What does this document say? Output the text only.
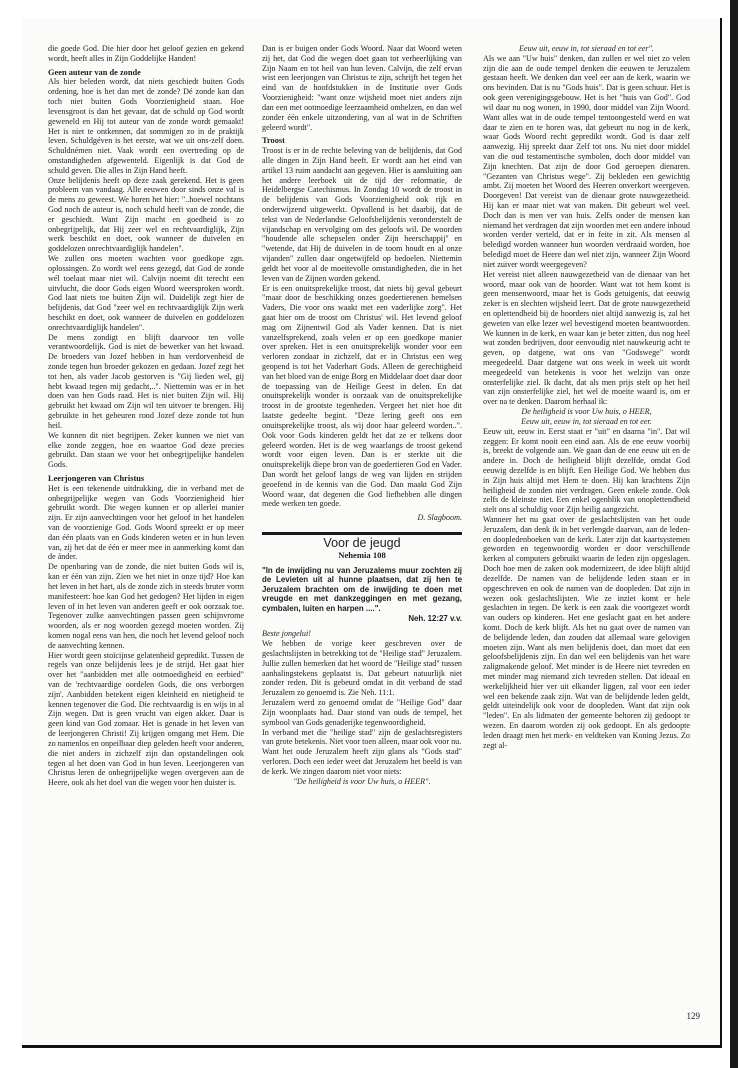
die goede God. Die hier door het geloof gezien en gekend wordt, heeft alles in Zijn Goddelijke Handen!

Geen auteur van de zonde

Als hier beleden wordt, dat niets geschiedt buiten Gods ordening, hoe is het dan met de zonde? Dé zonde kan dan toch niet buiten Gods Voorzienigheid staan. Hoe levensgroot is dan het gevaar, dat de schuld op God wordt geweneld en Hij tot auteur van de zonde wordt gemaakt! Het is niet te ontkennen, dat sommigen zo in de praktijk leven. Schuldgéven is het eerste, wat we uit ons-zelf doen. Schuldnémen niet. Vaak wordt een overtreding op de omstandigheden afgewenteld. Eigenlijk is dat God de schuld geven. Die alles in Zijn Hand heeft.

Onze belijdenis heeft op deze zaak gerekend. Het is geen probleem van vandaag. Alle eeuwen door sinds onze val is de mens zo geweest. We horen het hier: "..hoewel nochtans God noch de auteur is, noch schuld heeft van de zonde, die er geschiedt. Want Zijn macht en goedheid is zo onbegrijpelijk, dat Hij zeer wel en rechtvaardiglijk, Zijn werk beschikt en doet, ook wanneer de duivelen en goddelozen onrechtvaardiglijk handelen".

We zullen ons moeten wachten voor goedkope zgn. oplossingen. Zo wordt wel eens gezegd, dat God de zonde wél toelaat maar niet wil. Calvijn noemt dit terecht een uitvlucht, die door Gods eigen Woord weersproken wordt. God laat niets toe buiten Zijn wil. Duidelijk zegt hier de belijdenis, dat God "zeer wel en rechtvaardiglijk Zijn werk beschikt en doet, ook wanneer de duivelen en goddelozen onrechtvaardiglijk handelen".

De mens zondigt en blijft daarvoor ten volle verantwoordelijk. God is niet de bewerker van het kwaad. De broeders van Jozef hebben in hun verdorvenheid de zonde tegen hun broeder gekozen en gedaan. Jozef zegt het tot hen, als vader Jacob gestorven is "Gij lieden wel, gij hebt kwaad tegen mij gedacht,..". Niettemin was er in het doen van hen Gods raad. Het is niet buiten Zijn wil. Hij gebruikt het kwaad om Zijn wil ten uitvoer te brengen. Hij gebruikte in het gebeuren rond Jozef deze zonde tot hun heil.

We kunnen dit niet begrijpen. Zeker kunnen we niet van elke zonde zeggen, hoe en waartoe God deze precies gebruikt. Dan staan we voor het onbegrijpelijke handelen Gods.

Leerjongeren van Christus

Het is een tekenende uitdrukking, die in verband met de onbegrijpelijke wegen van Gods Voorzienigheid hier gebruikt wordt. Die wegen kunnen er op allerlei manier zijn. Er zijn aanvechtingen voor het geloof in het handelen van de voorzienige God. Gods Woord spreekt er op meer dan één plaats van en Gods kinderen weten er in hun leven van, zij het dat de één er meer mee in aanmerking komt dan de ánder.

De openbaring van de zonde, die niet buiten Gods wil is, kan er één van zijn. Zien we het niet in onze tijd? Hoe kan het leven in het hart, als de zonde zich in steeds bruter vorm manifesteert: hoe kan God het gedogen? Het lijden in eigen leven of in het leven van anderen geeft er ook oorzaak toe. Tegenover zulke aanvechtingen passen geen schijnvrome woorden, als er nog woorden gezegd moeten worden. Zij komen nogal eens van hen, die noch het levend geloof noch de aanvechting kennen.

Hier wordt geen stoïcijnse gelatenheid gepredikt. Tussen de regels van onze belijdenis lees je de strijd. Het gaat hier over het "aanbidden met alle ootmoedigheid en eerbied" van de 'rechtvaardige oordelen Gods, die ons verborgen zijn'. Aanbidden betekent eigen kleinheid en nietigheid te kennen tegenover die God. Die rechtvaardig is en wijs in al Zijn wegen. Dat is geen vrucht van eigen akker. Daar is geen kind van God zomaar. Het is genade in het leven van de leerjongeren Christi! Zij krijgen omgang met Hem. Die zo namenlos en onpeilbaar diep geleden heeft voor anderen, die niet anders in zichzelf zijn dan opstandelingen ook tegen al het doen van God in hun leven. Leerjongeren van Christus leren de onbegrijpelijke wegen overgeven aan de Heere, ook als het doel van die wegen voor hen duister is.

Dan is er buigen onder Gods Woord. Naar dat Woord weten zij het, dat God die wegen doet gaan tot verheerlijking van Zijn Naam en tot heil van hun leven. Calvijn, die zelf ervan wist een leerjongen van Christus te zijn, schrijft het tegen het eind van de hoofdstukken in de Institutie over Gods Voorzienigheid: "want onze wijsheid moet niet anders zijn dan een met ootmoedige leerzaamheid omhelzen, en dan wel zonder één enkele uitzondering, van al wat in de Schriften geleerd wordt".

Troost

Troost is er in de rechte beleving van de belijdenis, dat God alle dingen in Zijn Hand heeft. Er wordt aan het eind van artikel 13 ruim aandacht aan gegeven. Hier is aansluiting aan het andere leerboek uit de tijd der reformatie, de Heidelbergse Catechismus. In Zondag 10 wordt de troost in de belijdenis van Gods Voorzienigheid ook rijk en onderwijzend uitgewerkt. Opvallend is het daarbij, dat de tekst van de Nederlandse Geloofsbelijdenis veronderstelt de vijandschap en vervolging om des geloofs wil. De woorden "houdende alle schepselen onder Zijn heerschappij" en "wetende, dat Hij de duivelen in de toom houdt en al onze vijanden" zullen daar ongetwijfeld op bedoelen. Niettemin geldt het voor al de moeitevolle omstandigheden, die in het leven van de Zijnen worden gekend.

Er is een onuitsprekelijke troost, dat niets bij geval gebeurt "maar door de beschikking onzes goedertierenen hemelsen Vaders, Die voor ons waakt met een vaderlijke zorg". Het gaat hier om de troost om Christus' wil. Het levend geloof mag om Zijnentwil God als Vader kennen. Dat is niet vanzelfsprekend, zoals velen er op een goedkope manier over spreken. Het is een onuitsprekelijk wonder voor een verloren zondaar in zichzelf, dat er in Christus een weg geopend is tot het Vaderhart Gods. Alleen de gerechtigheid van het bloed van de enige Borg en Middelaar doet daar door de toepassing van de Heilige Geest in delen. En dat onuitsprekelijk wonder is oorzaak van de onuitsprekelijke troost in de grootste tegenheden. Vergeet het niet hoe dit laatste gedeelte begint. "Deze lering geeft ons een onuitsprekelijke troost, als wij door haar geleerd worden..". Ook voor Gods kinderen geldt het dat ze er telkens door geleerd worden. Het is de weg waarlangs de troost gekend wordt voor eigen leven. Dan is er sterkte uit die onuitsprekelijk diepe bron van de goedertieren God en Vader. Dan wordt het geloof langs de weg van lijden en strijden geoefend in de kennis van die God. Dan maakt God Zijn Woord waar, dat degenen die God liefhebben alle dingen mede werken ten goede.

D. Slagboom.

Voor de jeugd

Nehemia 108

"In de inwijding nu van Jeruzalems muur zochten zij de Levieten uit al hunne plaatsen, dat zij hen te Jeruzalem brachten om de inwijding te doen met vreugde en met dankzeggingen en met gezang, cymbalen, luiten en harpen ....".

Neh. 12:27 v.v.

Beste jongelui!

We hebben de vorige keer geschreven over de geslachtslijsten in betrekking tot de "Heilige stad" Jeruzalem. Jullie zullen bemerken dat het woord de "Heilige stad" tussen aanhalingstekens geplaatst is. Dat gebeurt natuurlijk niet zonder reden. Dit is gebeurd omdat in dit verband de stad Jeruzalem zo genoemd is. Zie Neh. 11:1.

Jeruzalem werd zo genoemd omdat de "Heilige God" daar Zijn woonplaats had. Daar stond van ouds de tempel, het symbool van Gods genaderijke tegenwoordigheid.

In verband met die "heilige stad" zijn de geslachtsregisters van grote betekenis. Niet voor toen alleen, maar ook voor nu.

Want het oude Jeruzalem heeft zijn glans als "Gods stad" verloren. Doch een ieder weet dat Jeruzalem het beeld is van de kerk. We zingen daarom niet voor niets:

"De heiligheid is voor Uw huis, o HEER".

Eeuw uit, eeuw in, tot sieraad en tot eer".

Als we aan "Uw huis" denken, dan zullen er wel niet zo velen zijn die aan de oude tempel denken die eeuwen te Jeruzalem gestaan heeft. We denken dan veel eer aan de kerk, waarin we ons bevinden. Dat is nu "Gods huis". Dat is geen schuur. Het is ook geen verenigingsgebouw. Het is het "huis van God". God wil daar nu nog wonen, in 1990, door middel van Zijn Woord. Want alles wat in de oude tempel tentoongesteld werd en wat daar te zien en te horen was, dat gebeurt nu nog in de kerk, waar Gods Woord recht gepredikt wordt. God is daar zelf aanwezig. Hij spreekt daar Zelf tot ons. Nu niet door middel van die oud testamentische symbolen, doch door middel van Zijn knechten. Dat zijn de door God geroepen dienaren. "Gezanten van Christus wege". Zij bekleden een gewichtig ambt. Zij moeten het Woord des Heeren onverkort weergeven. Doorgeven! Dat vereist van de dienaar grote nauwgezetheid. Hij kan er maar niet wat van maken. Dit gebeurt wel veel. Doch dan is men ver van huis. Zelfs onder de mensen kan niemand het verdragen dat zijn woorden met een andere inhoud worden verder verteld, dat er in feite in zit. Als mensen al beledigd worden wanneer hun woorden verdraaid worden, hoe beledigd moet de Heere dan wel niet zijn, wanneer Zijn Woord niet zuiver wordt weergegeven?

Het vereist niet alleen nauwgezetheid van de dienaar van het woord, maar ook van de hoorder. Want wat tot hem komt is geen mensenwoord, maar het is Gods getuigenis, dat eeuwig zeker is en slechten wijsheid leert. Dat de grote nauwgezetheid en oplettendheid bij de hoorders niet altijd aanwezig is, zal het geweten van elke lezer wel bevestigend moeten beantwoorden. We kunnen in de kerk, en waar kan je beter zitten, dus nog heel wat zonden bedrijven, door eenvoudig niet nauwkeurig acht te geven, op datgene, wat ons van "Godswege" wordt meegedeeld. Daar datgene wat ons week in week uit wordt meegedeeld van betekenis is voor het welzijn van onze onsterfelijke ziel. Ik dacht, dat als men prijs stelt op het heil van zijn onsterfelijke ziel, het wel de moeite waard is, om er over na te denken. Daarom herhaal ik:

De heiligheid is voor Uw huis, o HEER,

Eeuw uit, eeuw in, tot sieraad en tot eer.

Eeuw uit, eeuw in. Eerst staat er "uit" en daarna "in". Dat wil zeggen: Er komt nooit een eind aan. Als de ene eeuw voorbij is, breekt de volgende aan. We gaan dan de ene eeuw uit en de andere in. Doch de heiligheid blijft dezelfde, omdat God eeuwig dezelfde is en blijft. Een Heilige God. We hebben dus in Zijn huis altijd met Hem te doen. Hij kan krachtens Zijn heiligheid de zonden niet verdragen. Geen enkele zonde. Ook zelfs de kleinste niet. Een enkel ogenblik van onoplettendheid stelt ons al schuldig voor Zijn heilig aangezicht.

Wanneer het nu gaat over de geslachtslijsten van het oude Jeruzalem, dan denk ik in het verlengde daarvan, aan de leden- en doopledenboeken van de kerk. Later zijn dat kaartsystemen geworden en tegenwoordig worden er door verschillende kerken al computers gebruikt waarin de leden zijn opgeslagen. Doch hoe men de zaken ook modernizeert, de idee blijft altijd dezelfde. De namen van de belijdende leden staan er in opgeschreven en ook de namen van de doopleden. Dat zijn in wezen ook geslachtslijsten. Wie ze inziet komt er hele geslachten in tegen. De kerk is een zaak die voortgezet wordt van ouders op kinderen. Het ene geslacht gaat en het andere komt. Doch de kerk blijft. Als het nu gaat over de namen van de belijdende leden, dan zouden dat allemaal ware gelovigen moeten zijn. Want als men belijdenis doet, dan moet dat een geloofsbelijdenis zijn. En dan wel een belijdenis van het ware zaligmakende geloof. Met minder is de Heere niet tevreden en met minder mag niemand zich tevreden stellen. Dat ideaal en werkelijkheid hier ver uit elkander liggen, zal voor een ieder wel een bekende zaak zijn. Wat van de belijdende leden geldt, geldt uiteindelijk ook voor de doopleden. Want dat zijn ook "leden". En als lidmaten der gemeente behoren zij gedoopt te wezen. En daarom worden zij ook gedoopt. En als gedoopte leden draagt men het merk- en veldteken van Koning Jezus. Zo zegt al-

129
